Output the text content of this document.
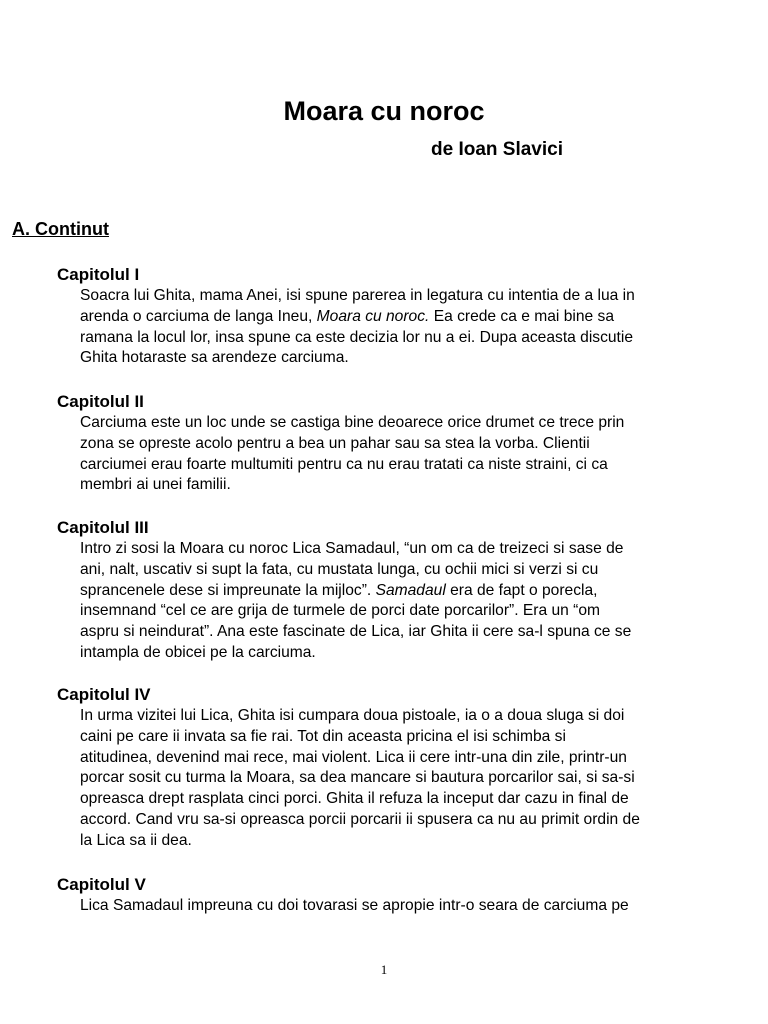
Moara cu noroc
de Ioan Slavici
A. Continut
Capitolul I

Soacra lui Ghita, mama Anei, isi spune parerea in legatura cu intentia de a lua in
arenda o carciuma de langa Ineu, Moara cu noroc. Ea crede ca e mai bine sa
ramana la locul lor, insa spune ca este decizia lor nu a ei. Dupa aceasta discutie
Ghita hotaraste sa arendeze carciuma.

Capitolul II

Carciuma este un loc unde se castiga bine deoarece orice drumet ce trece prin
zona se opreste acolo pentru a bea un pahar sau sa stea la vorba. Clientii
carciumei erau foarte multumiti pentru ca nu erau tratati ca niste straini, ci ca
membri ai unei familii.

Capitolul III

Intro zi sosi la Moara cu noroc Lica Samadaul, “un om ca de treizeci si sase de
ani, nalt, uscativ si supt la fata, cu mustata lunga, cu ochii mici si verzi si cu
sprancenele dese si impreunate la mijloc”. Samadaul era de fapt o porecla,
insemnand “cel ce are grija de turmele de porci date porcarilor”. Era un “om
aspru si neindurat”. Ana este fascinate de Lica, iar Ghita ii cere sa-l spuna ce se
intampla de obicei pe la carciuma.

Capitolul IV

In urma vizitei lui Lica, Ghita isi cumpara doua pistoale, ia o a doua sluga si doi
caini pe care ii invata sa fie rai. Tot din aceasta pricina el isi schimba si
atitudinea, devenind mai rece, mai violent. Lica ii cere intr-una din zile, printr-un
porcar sosit cu turma la Moara, sa dea mancare si bautura porcarilor sai, si sa-si
opreasca drept rasplata cinci porci. Ghita il refuza la inceput dar cazu in final de
accord. Cand vru sa-si opreasca porcii porcarii ii spusera ca nu au primit ordin de
la Lica sa ii dea.

Capitolul V

Lica Samadaul impreuna cu doi tovarasi se apropie intr-o seara de carciuma pe

1
